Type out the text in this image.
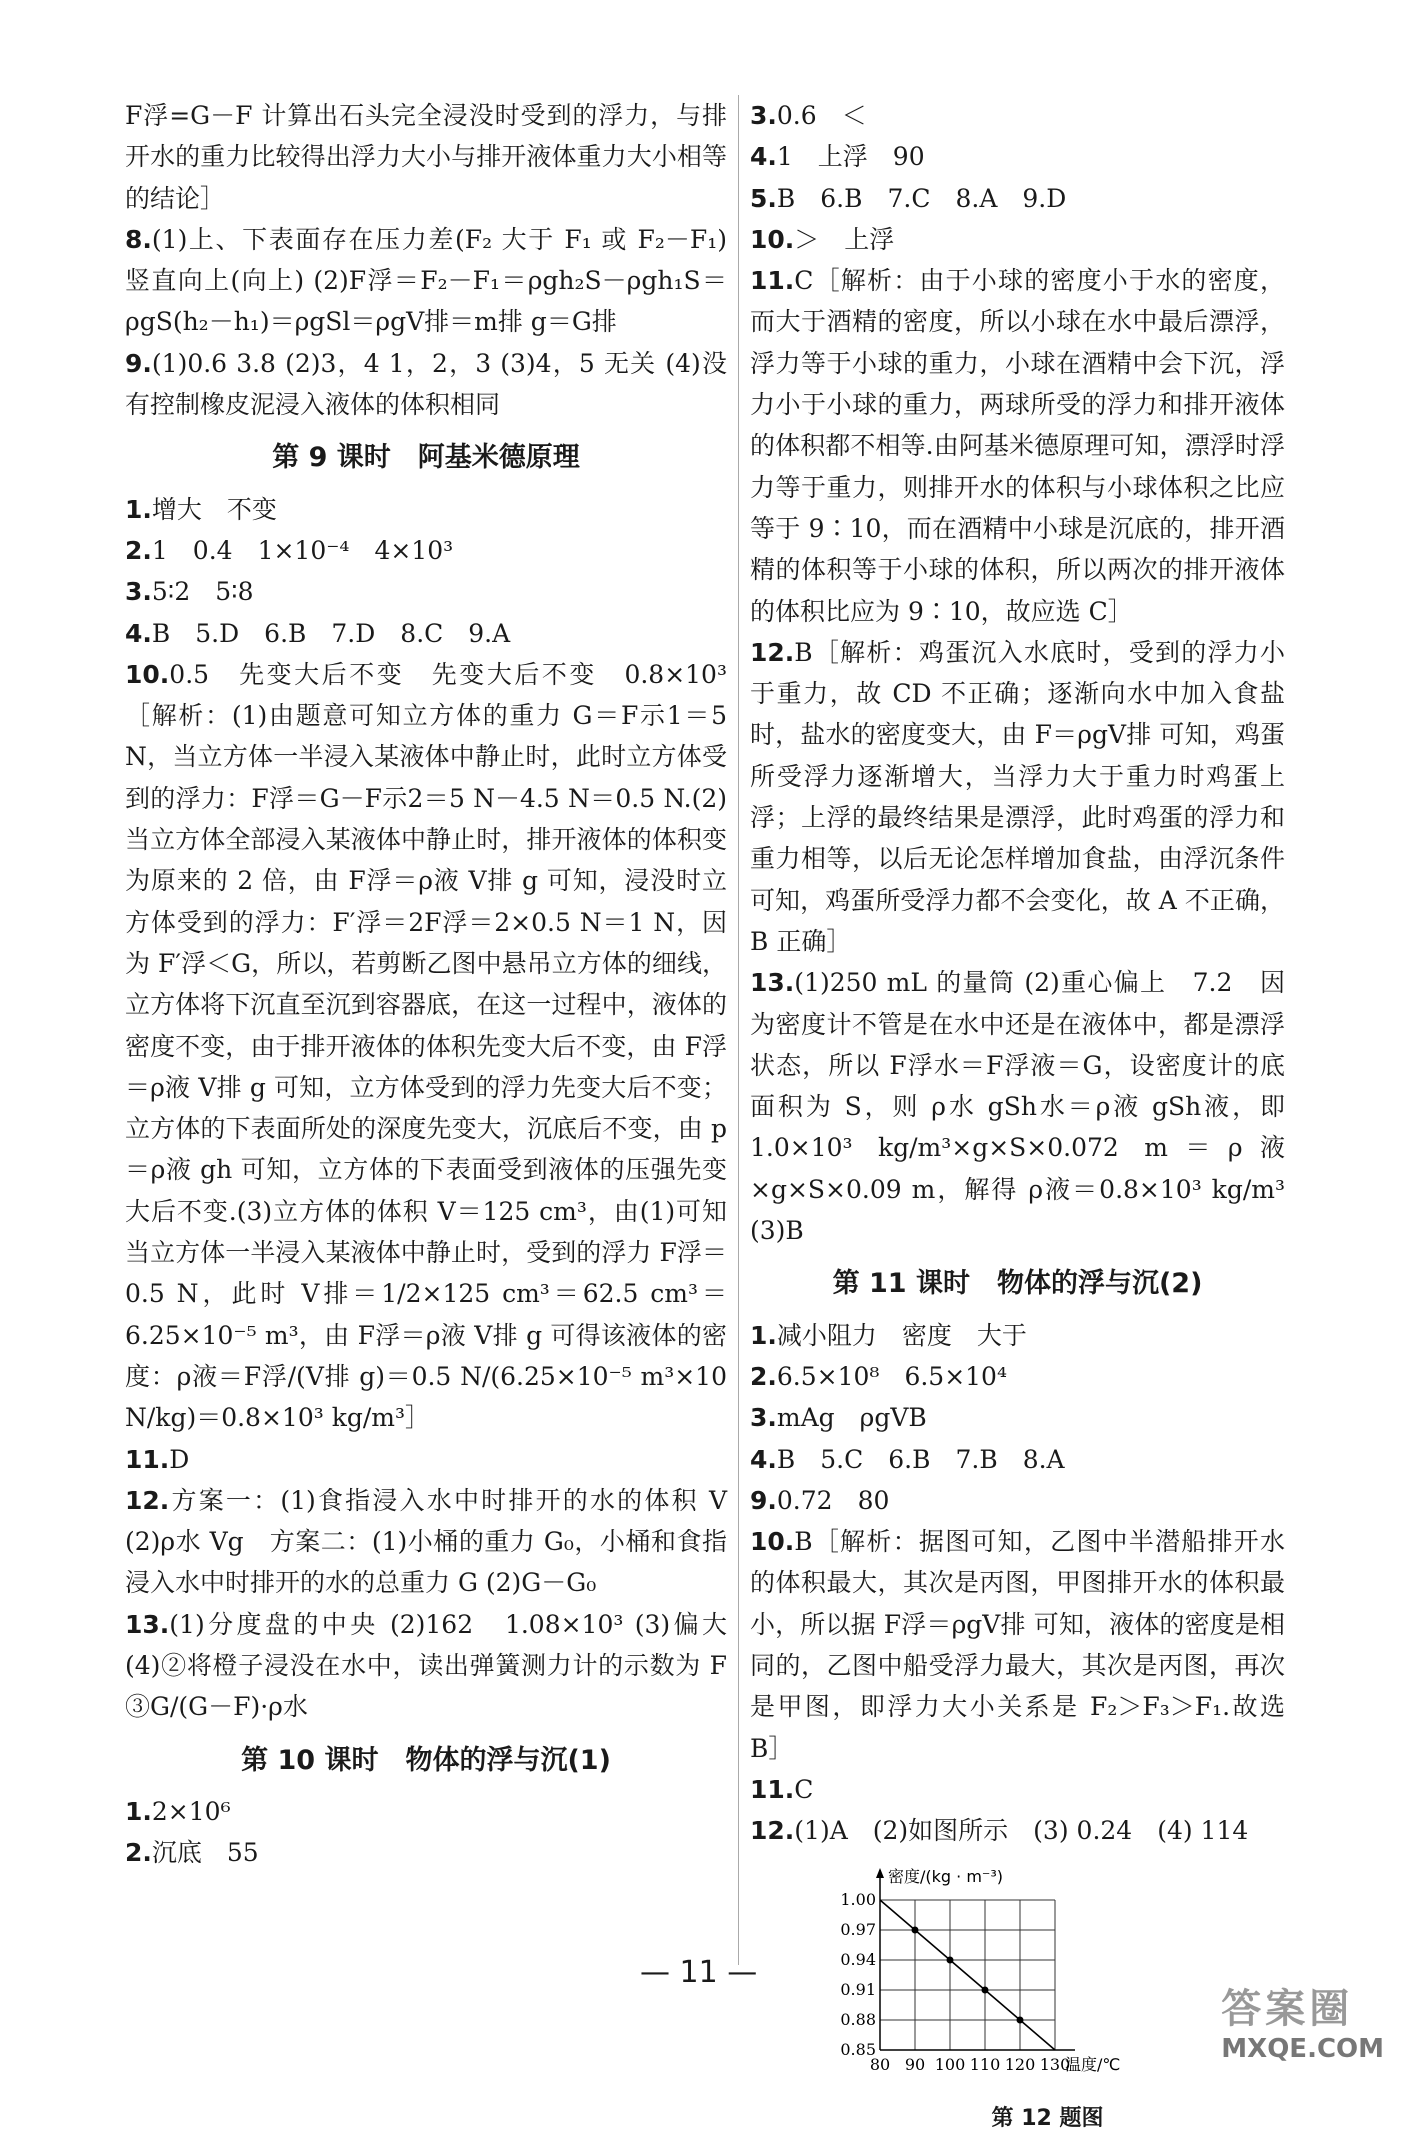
F浮=G－F 计算出石头完全浸没时受到的浮力，与排开水的重力比较得出浮力大小与排开液体重力大小相等的结论］
8.(1)上、下表面存在压力差(F₂ 大于 F₁ 或 F₂－F₁) 竖直向上(向上) (2)F浮＝F₂－F₁＝ρgh₂S－ρgh₁S＝ρgS(h₂－h₁)＝ρgSl＝ρgV排＝m排 g＝G排
9.(1)0.6 3.8 (2)3，4 1，2，3 (3)4，5 无关 (4)没有控制橡皮泥浸入液体的体积相同
第 9 课时　阿基米德原理
1.增大　不变
2.1　0.4　1×10⁻⁴　4×10³
3.5∶2　5∶8
4.B　5.D　6.B　7.D　8.C　9.A
10.0.5　先变大后不变　先变大后不变　0.8×10³［解析：(1)由题意可知立方体的重力 G＝F示1＝5 N，当立方体一半浸入某液体中静止时，此时立方体受到的浮力：F浮＝G－F示2＝5 N－4.5 N＝0.5 N.(2)当立方体全部浸入某液体中静止时，排开液体的体积变为原来的 2 倍，由 F浮＝ρ液 V排 g 可知，浸没时立方体受到的浮力：F′浮＝2F浮＝2×0.5 N＝1 N，因为 F′浮＜G，所以，若剪断乙图中悬吊立方体的细线，立方体将下沉直至沉到容器底，在这一过程中，液体的密度不变，由于排开液体的体积先变大后不变，由 F浮＝ρ液 V排 g 可知，立方体受到的浮力先变大后不变；立方体的下表面所处的深度先变大，沉底后不变，由 p＝ρ液 gh 可知，立方体的下表面受到液体的压强先变大后不变.(3)立方体的体积 V＝125 cm³，由(1)可知当立方体一半浸入某液体中静止时，受到的浮力 F浮＝0.5 N，此时 V排＝1/2×125 cm³＝62.5 cm³＝6.25×10⁻⁵ m³，由 F浮＝ρ液 V排 g 可得该液体的密度：ρ液＝F浮/(V排 g)＝0.5 N/(6.25×10⁻⁵ m³×10 N/kg)＝0.8×10³ kg/m³］
11.D
12.方案一：(1)食指浸入水中时排开的水的体积 V (2)ρ水 Vg　方案二：(1)小桶的重力 G₀，小桶和食指浸入水中时排开的水的总重力 G (2)G－G₀
13.(1)分度盘的中央 (2)162　1.08×10³ (3)偏大 (4)②将橙子浸没在水中，读出弹簧测力计的示数为 F　③G/(G－F)·ρ水
第 10 课时　物体的浮与沉(1)
1.2×10⁶
2.沉底　55
3.0.6　＜
4.1　上浮　90
5.B　6.B　7.C　8.A　9.D
10.＞　上浮
11.C［解析：由于小球的密度小于水的密度，而大于酒精的密度，所以小球在水中最后漂浮，浮力等于小球的重力，小球在酒精中会下沉，浮力小于小球的重力，两球所受的浮力和排开液体的体积都不相等.由阿基米德原理可知，漂浮时浮力等于重力，则排开水的体积与小球体积之比应等于 9∶10，而在酒精中小球是沉底的，排开酒精的体积等于小球的体积，所以两次的排开液体的体积比应为 9∶10，故应选 C］
12.B［解析：鸡蛋沉入水底时，受到的浮力小于重力，故 CD 不正确；逐渐向水中加入食盐时，盐水的密度变大，由 F＝ρgV排 可知，鸡蛋所受浮力逐渐增大，当浮力大于重力时鸡蛋上浮；上浮的最终结果是漂浮，此时鸡蛋的浮力和重力相等，以后无论怎样增加食盐，由浮沉条件可知，鸡蛋所受浮力都不会变化，故 A 不正确，B 正确］
13.(1)250 mL 的量筒 (2)重心偏上　7.2　因为密度计不管是在水中还是在液体中，都是漂浮状态，所以 F浮水＝F浮液＝G，设密度计的底面积为 S，则 ρ水 gSh水＝ρ液 gSh液，即 1.0×10³ kg/m³×g×S×0.072 m＝ρ液×g×S×0.09 m，解得 ρ液＝0.8×10³ kg/m³ (3)B
第 11 课时　物体的浮与沉(2)
1.减小阻力　密度　大于
2.6.5×10⁸　6.5×10⁴
3.mAg　ρgVB
4.B　5.C　6.B　7.B　8.A
9.0.72　80
10.B［解析：据图可知，乙图中半潜船排开水的体积最大，其次是丙图，甲图排开水的体积最小，所以据 F浮＝ρgV排 可知，液体的密度是相同的，乙图中船受浮力最大，其次是丙图，再次是甲图，即浮力大小关系是 F₂＞F₃＞F₁.故选 B］
11.C
12.(1)A　(2)如图所示　(3) 0.24　(4) 114
0.85
0.88
0.91
0.94
0.97
1.00
80 90 100 110 120 130
密度/(kg · m⁻³)
温度/℃
第 12 题图
— 11 —
答案圈
MXQE.COM
